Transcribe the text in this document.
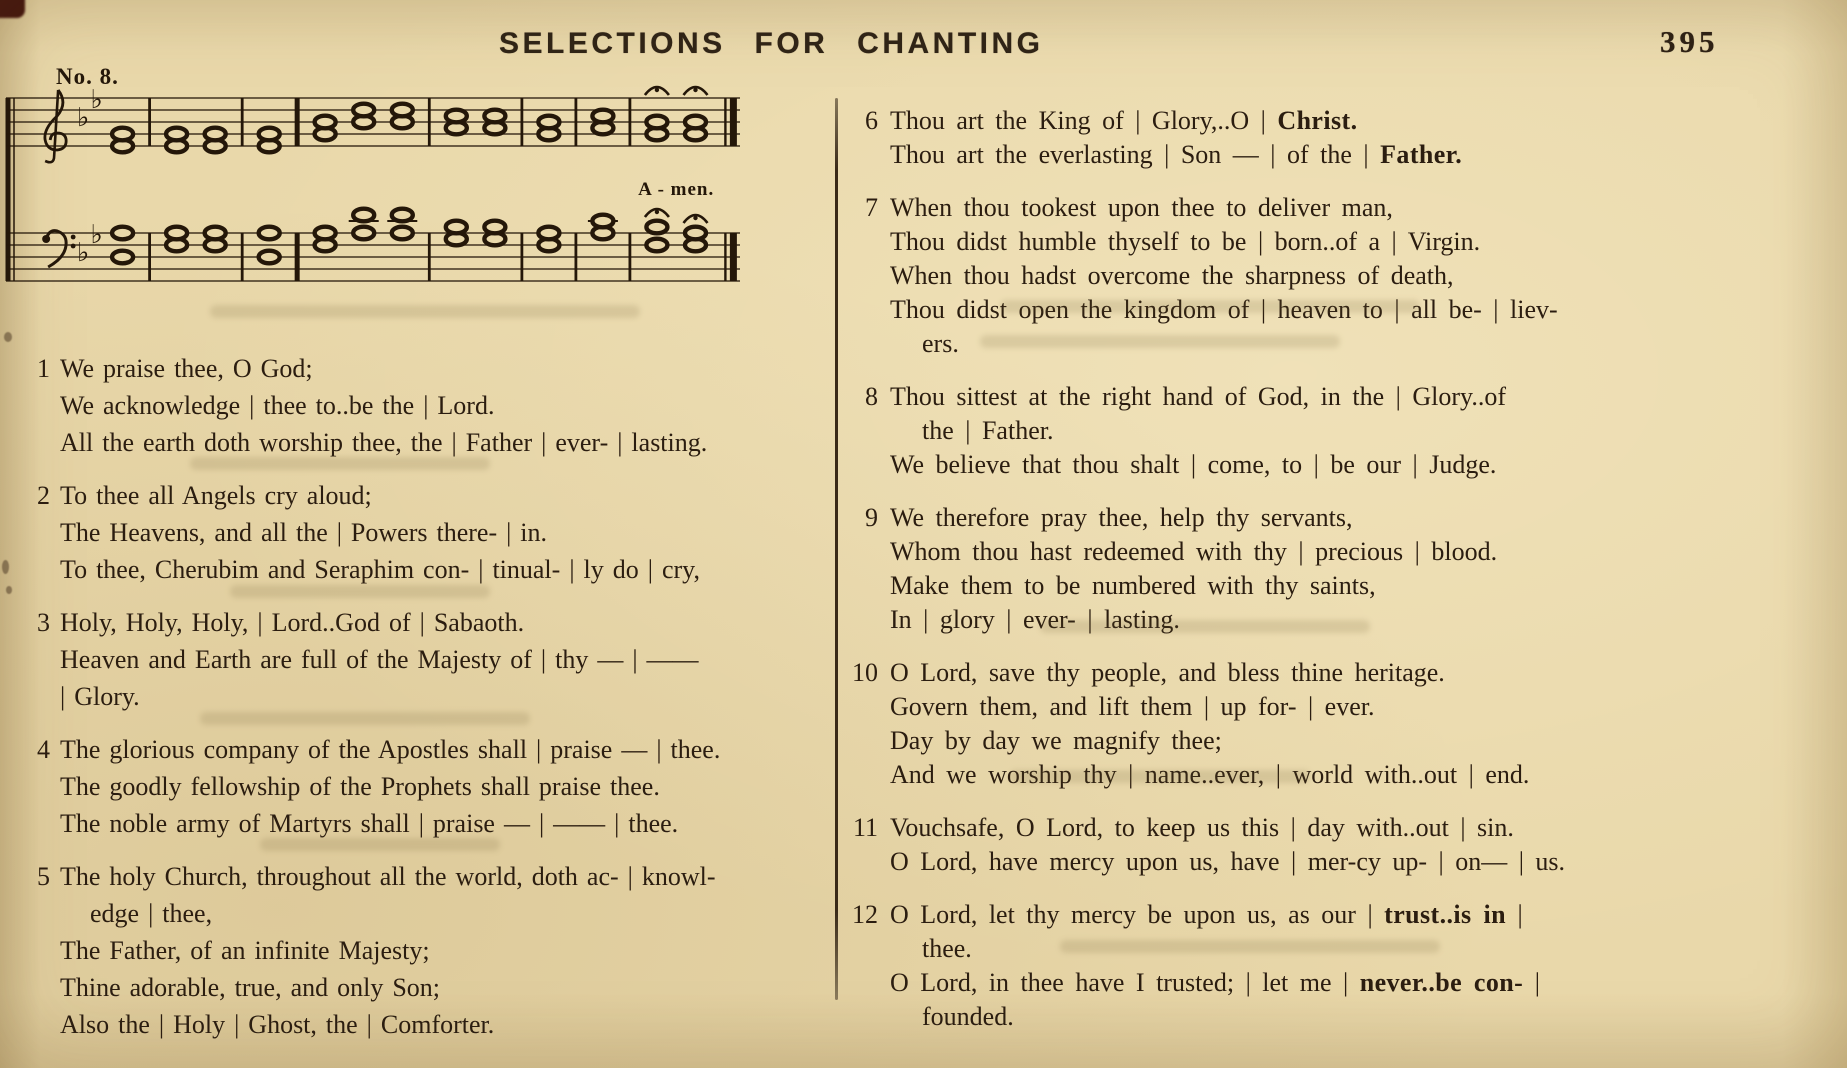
SELECTIONS FOR CHANTING	395
No. 8.
♭
♭
♭
♭
A - men.
1 We praise thee, O God;
We acknowledge | thee to..be the | Lord.
All the earth doth worship thee, the | Father | ever- | lasting.
2 To thee all Angels cry aloud;
The Heavens, and all the | Powers there- | in.
To thee, Cherubim and Seraphim con- | tinual- | ly do | cry,
3 Holy, Holy, Holy, | Lord..God of | Sabaoth.
Heaven and Earth are full of the Majesty of | thy — | ——
| Glory.
4 The glorious company of the Apostles shall | praise — | thee.
The goodly fellowship of the Prophets shall praise thee.
The noble army of Martyrs shall | praise — | —— | thee.
5 The holy Church, throughout all the world, doth ac- | knowl-
edge | thee,
The Father, of an infinite Majesty;
Thine adorable, true, and only Son;
Also the | Holy | Ghost, the | Comforter.
6 Thou art the King of | Glory,..O | Christ.
Thou art the everlasting | Son — | of the | Father.
7 When thou tookest upon thee to deliver man,
Thou didst humble thyself to be | born..of a | Virgin.
When thou hadst overcome the sharpness of death,
Thou didst open the kingdom of | heaven to | all be- | liev-
ers.
8 Thou sittest at the right hand of God, in the | Glory..of
the | Father.
We believe that thou shalt | come, to | be our | Judge.
9 We therefore pray thee, help thy servants,
Whom thou hast redeemed with thy | precious | blood.
Make them to be numbered with thy saints,
In | glory | ever- | lasting.
10 O Lord, save thy people, and bless thine heritage.
Govern them, and lift them | up for- | ever.
Day by day we magnify thee;
And we worship thy | name..ever, | world with..out | end.
11 Vouchsafe, O Lord, to keep us this | day with..out | sin.
O Lord, have mercy upon us, have | mer-cy up- | on— | us.
12 O Lord, let thy mercy be upon us, as our | trust..is in |
thee.
O Lord, in thee have I trusted; | let me | never..be con- |
founded.
